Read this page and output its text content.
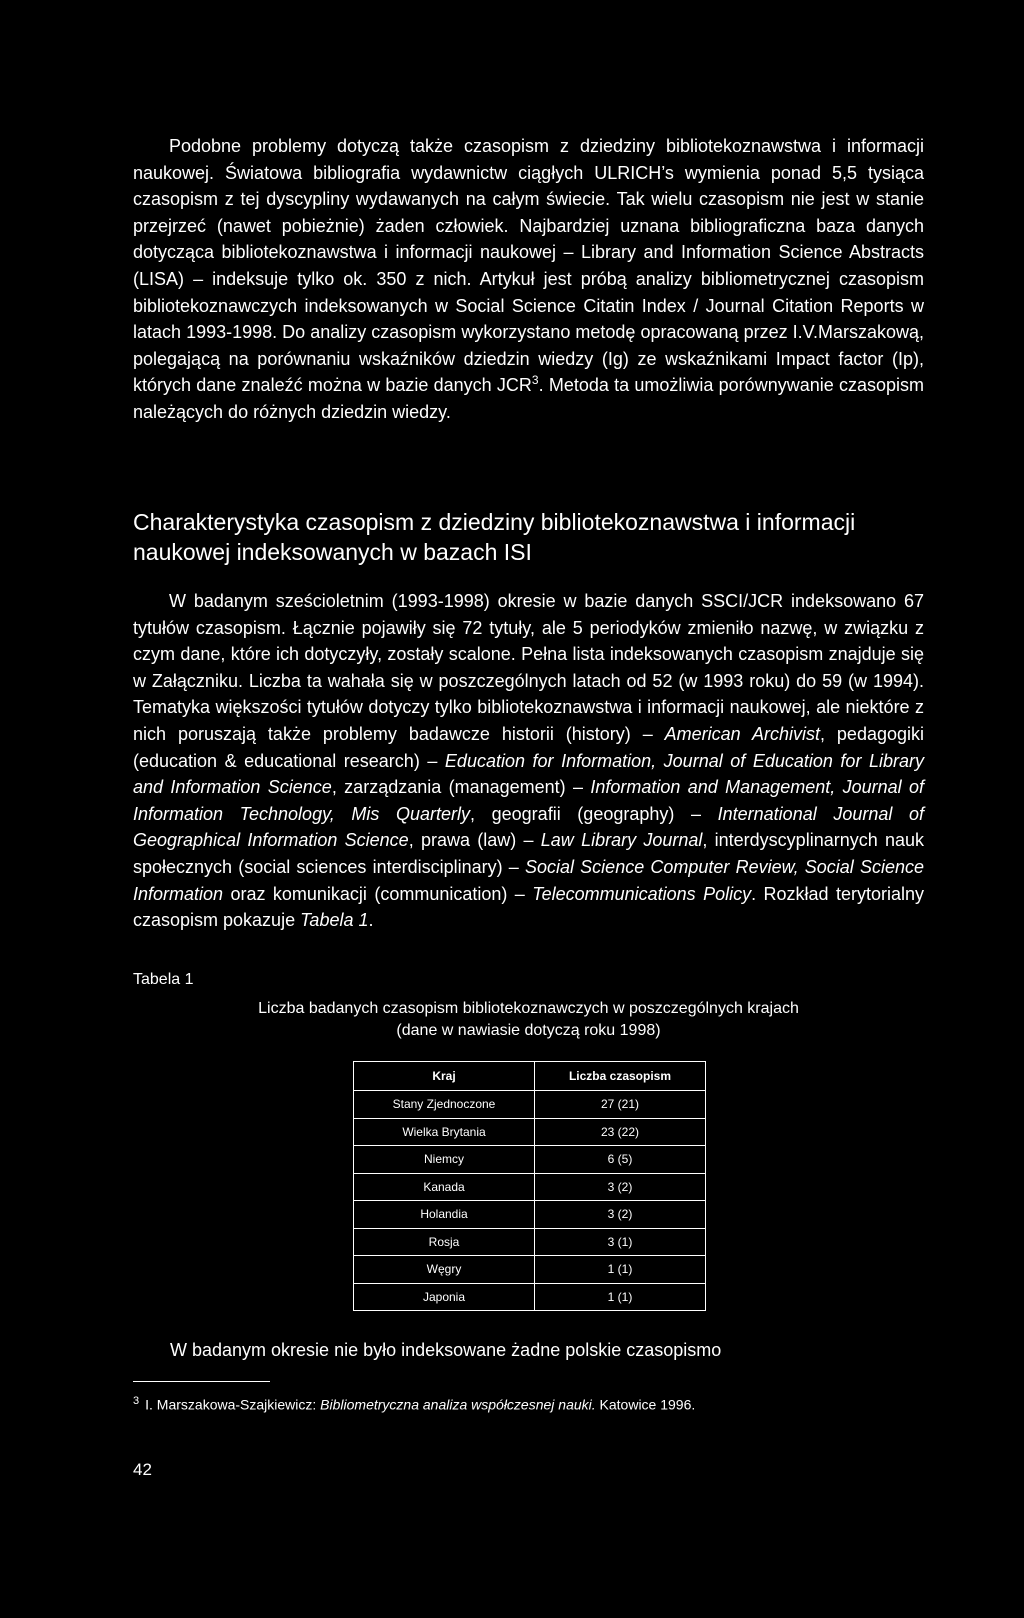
Podobne problemy dotyczą także czasopism z dziedziny bibliotekoznawstwa i informacji naukowej. Światowa bibliografia wydawnictw ciągłych ULRICH’s wymienia ponad 5,5 tysiąca czasopism z tej dyscypliny wydawanych na całym świecie. Tak wielu czasopism nie jest w stanie przejrzeć (nawet pobieżnie) żaden człowiek. Najbardziej uznana bibliograficzna baza danych dotycząca bibliotekoznawstwa i informacji naukowej – Library and Information Science Abstracts (LISA) – indeksuje tylko ok. 350 z nich. Artykuł jest próbą analizy bibliometrycznej czasopism bibliotekoznawczych indeksowanych w Social Science Citatin Index / Journal Citation Reports w latach 1993-1998. Do analizy czasopism wykorzystano metodę opracowaną przez I.V.Marszakową, polegającą na porównaniu wskaźników dziedzin wiedzy (Ig) ze wskaźnikami Impact factor (Ip), których dane znaleźć można w bazie danych JCR$^3$. Metoda ta umożliwia porównywanie czasopism należących do różnych dziedzin wiedzy.

Charakterystyka czasopism z dziedziny bibliotekoznawstwa i informacji naukowej indeksowanych w bazach ISI

W badanym sześcioletnim (1993-1998) okresie w bazie danych SSCI/JCR indeksowano 67 tytułów czasopism. Łącznie pojawiły się 72 tytuły, ale 5 periodyków zmieniło nazwę, w związku z czym dane, które ich dotyczyły, zostały scalone. Pełna lista indeksowanych czasopism znajduje się w Załączniku. Liczba ta wahała się w poszczególnych latach od 52 (w 1993 roku) do 59 (w 1994). Tematyka większości tytułów dotyczy tylko bibliotekoznawstwa i informacji naukowej, ale niektóre z nich poruszają także problemy badawcze historii (history) – American Archivist, pedagogiki (education & educational research) – Education for Information, Journal of Education for Library and Information Science, zarządzania (management) – Information and Management, Journal of Information Technology, Mis Quarterly, geografii (geography) – International Journal of Geographical Information Science, prawa (law) – Law Library Journal, interdyscyplinarnych nauk społecznych (social sciences interdisciplinary) – Social Science Computer Review, Social Science Information oraz komunikacji (communication) – Telecommunications Policy. Rozkład terytorialny czasopism pokazuje Tabela 1.

Tabela 1

Liczba badanych czasopism bibliotekoznawczych w poszczególnych krajach
(dane w nawiasie dotyczą roku 1998)

Kraj	Liczba czasopism
Stany Zjednoczone	27 (21)
Wielka Brytania	23 (22)
Niemcy	6 (5)
Kanada	3 (2)
Holandia	3 (2)
Rosja	3 (1)
Węgry	1 (1)
Japonia	1 (1)

W badanym okresie nie było indeksowane żadne polskie czasopismo

$^3$ I. Marszakowa-Szajkiewicz: Bibliometryczna analiza współczesnej nauki. Katowice 1996.

42
